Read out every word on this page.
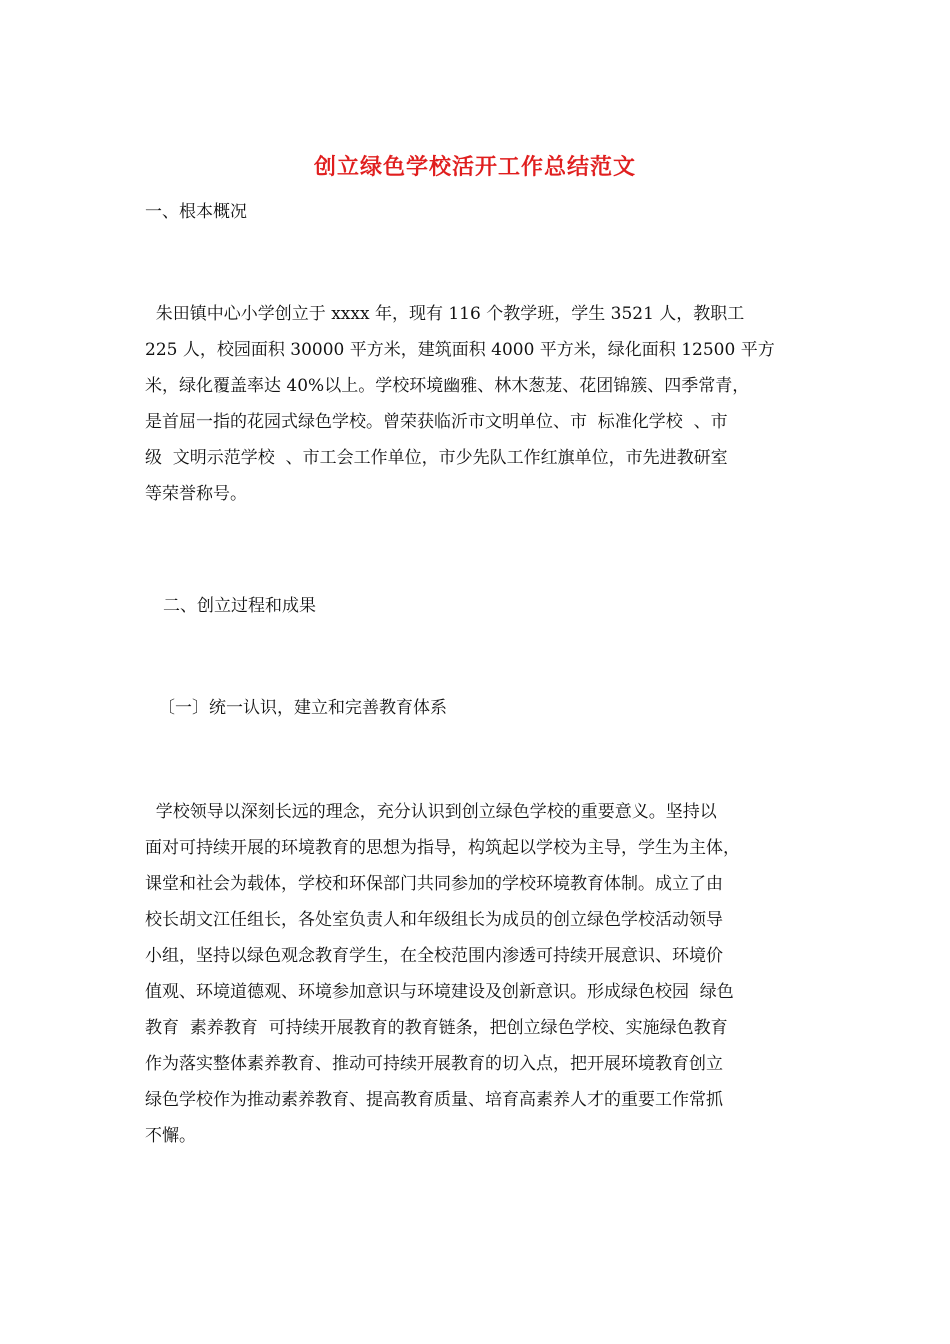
创立绿色学校活开工作总结范文
一、根本概况
朱田镇中心小学创立于 xxxx 年，现有 116 个教学班，学生 3521 人，教职工
225 人，校园面积 30000 平方米，建筑面积 4000 平方米，绿化面积 12500 平方
米，绿化覆盖率达 40%以上。学校环境幽雅、林木葱茏、花团锦簇、四季常青，
是首屈一指的花园式绿色学校。曾荣获临沂市文明单位、市  标准化学校  、市
级  文明示范学校  、市工会工作单位，市少先队工作红旗单位，市先进教研室
等荣誉称号。
二、创立过程和成果
〔一〕统一认识，建立和完善教育体系
学校领导以深刻长远的理念，充分认识到创立绿色学校的重要意义。坚持以
面对可持续开展的环境教育的思想为指导，构筑起以学校为主导，学生为主体，
课堂和社会为载体，学校和环保部门共同参加的学校环境教育体制。成立了由
校长胡文江任组长，各处室负责人和年级组长为成员的创立绿色学校活动领导
小组，坚持以绿色观念教育学生，在全校范围内渗透可持续开展意识、环境价
值观、环境道德观、环境参加意识与环境建设及创新意识。形成绿色校园  绿色
教育  素养教育  可持续开展教育的教育链条，把创立绿色学校、实施绿色教育
作为落实整体素养教育、推动可持续开展教育的切入点，把开展环境教育创立
绿色学校作为推动素养教育、提高教育质量、培育高素养人才的重要工作常抓
不懈。
